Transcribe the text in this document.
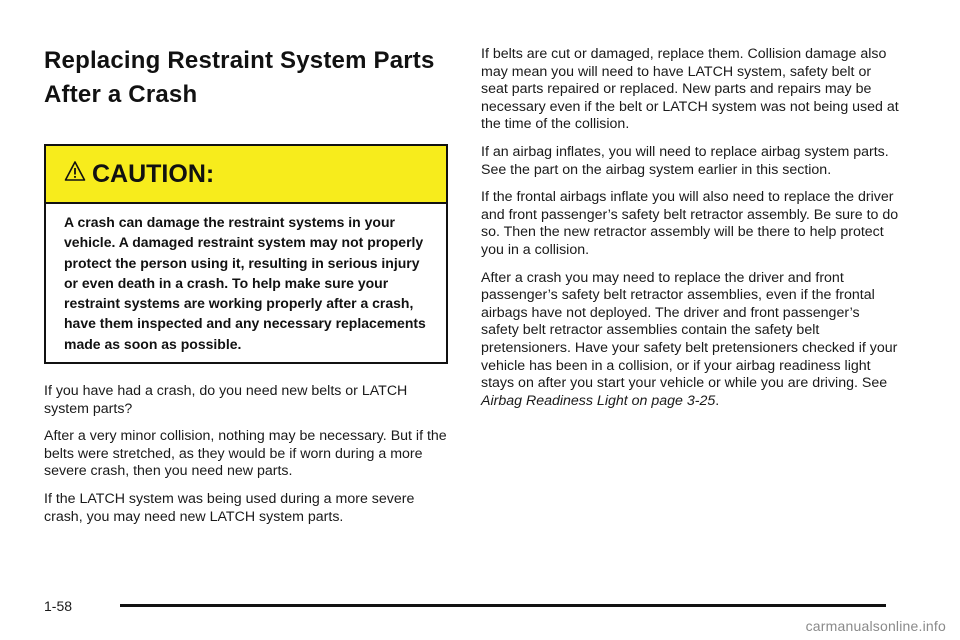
Replacing Restraint System Parts
After a Crash
CAUTION:
A crash can damage the restraint systems in your vehicle. A damaged restraint system may not properly protect the person using it, resulting in serious injury or even death in a crash. To help make sure your restraint systems are working properly after a crash, have them inspected and any necessary replacements made as soon as possible.

If you have had a crash, do you need new belts or LATCH system parts?

After a very minor collision, nothing may be necessary. But if the belts were stretched, as they would be if worn during a more severe crash, then you need new parts.

If the LATCH system was being used during a more severe crash, you may need new LATCH system parts.

If belts are cut or damaged, replace them. Collision damage also may mean you will need to have LATCH system, safety belt or seat parts repaired or replaced. New parts and repairs may be necessary even if the belt or LATCH system was not being used at the time of the collision.

If an airbag inflates, you will need to replace airbag system parts. See the part on the airbag system earlier in this section.

If the frontal airbags inflate you will also need to replace the driver and front passenger’s safety belt retractor assembly. Be sure to do so. Then the new retractor assembly will be there to help protect you in a collision.

After a crash you may need to replace the driver and front passenger’s safety belt retractor assemblies, even if the frontal airbags have not deployed. The driver and front passenger’s safety belt retractor assemblies contain the safety belt pretensioners. Have your safety belt pretensioners checked if your vehicle has been in a collision, or if your airbag readiness light stays on after you start your vehicle or while you are driving. See Airbag Readiness Light on page 3-25.

1-58
carmanualsonline.info
